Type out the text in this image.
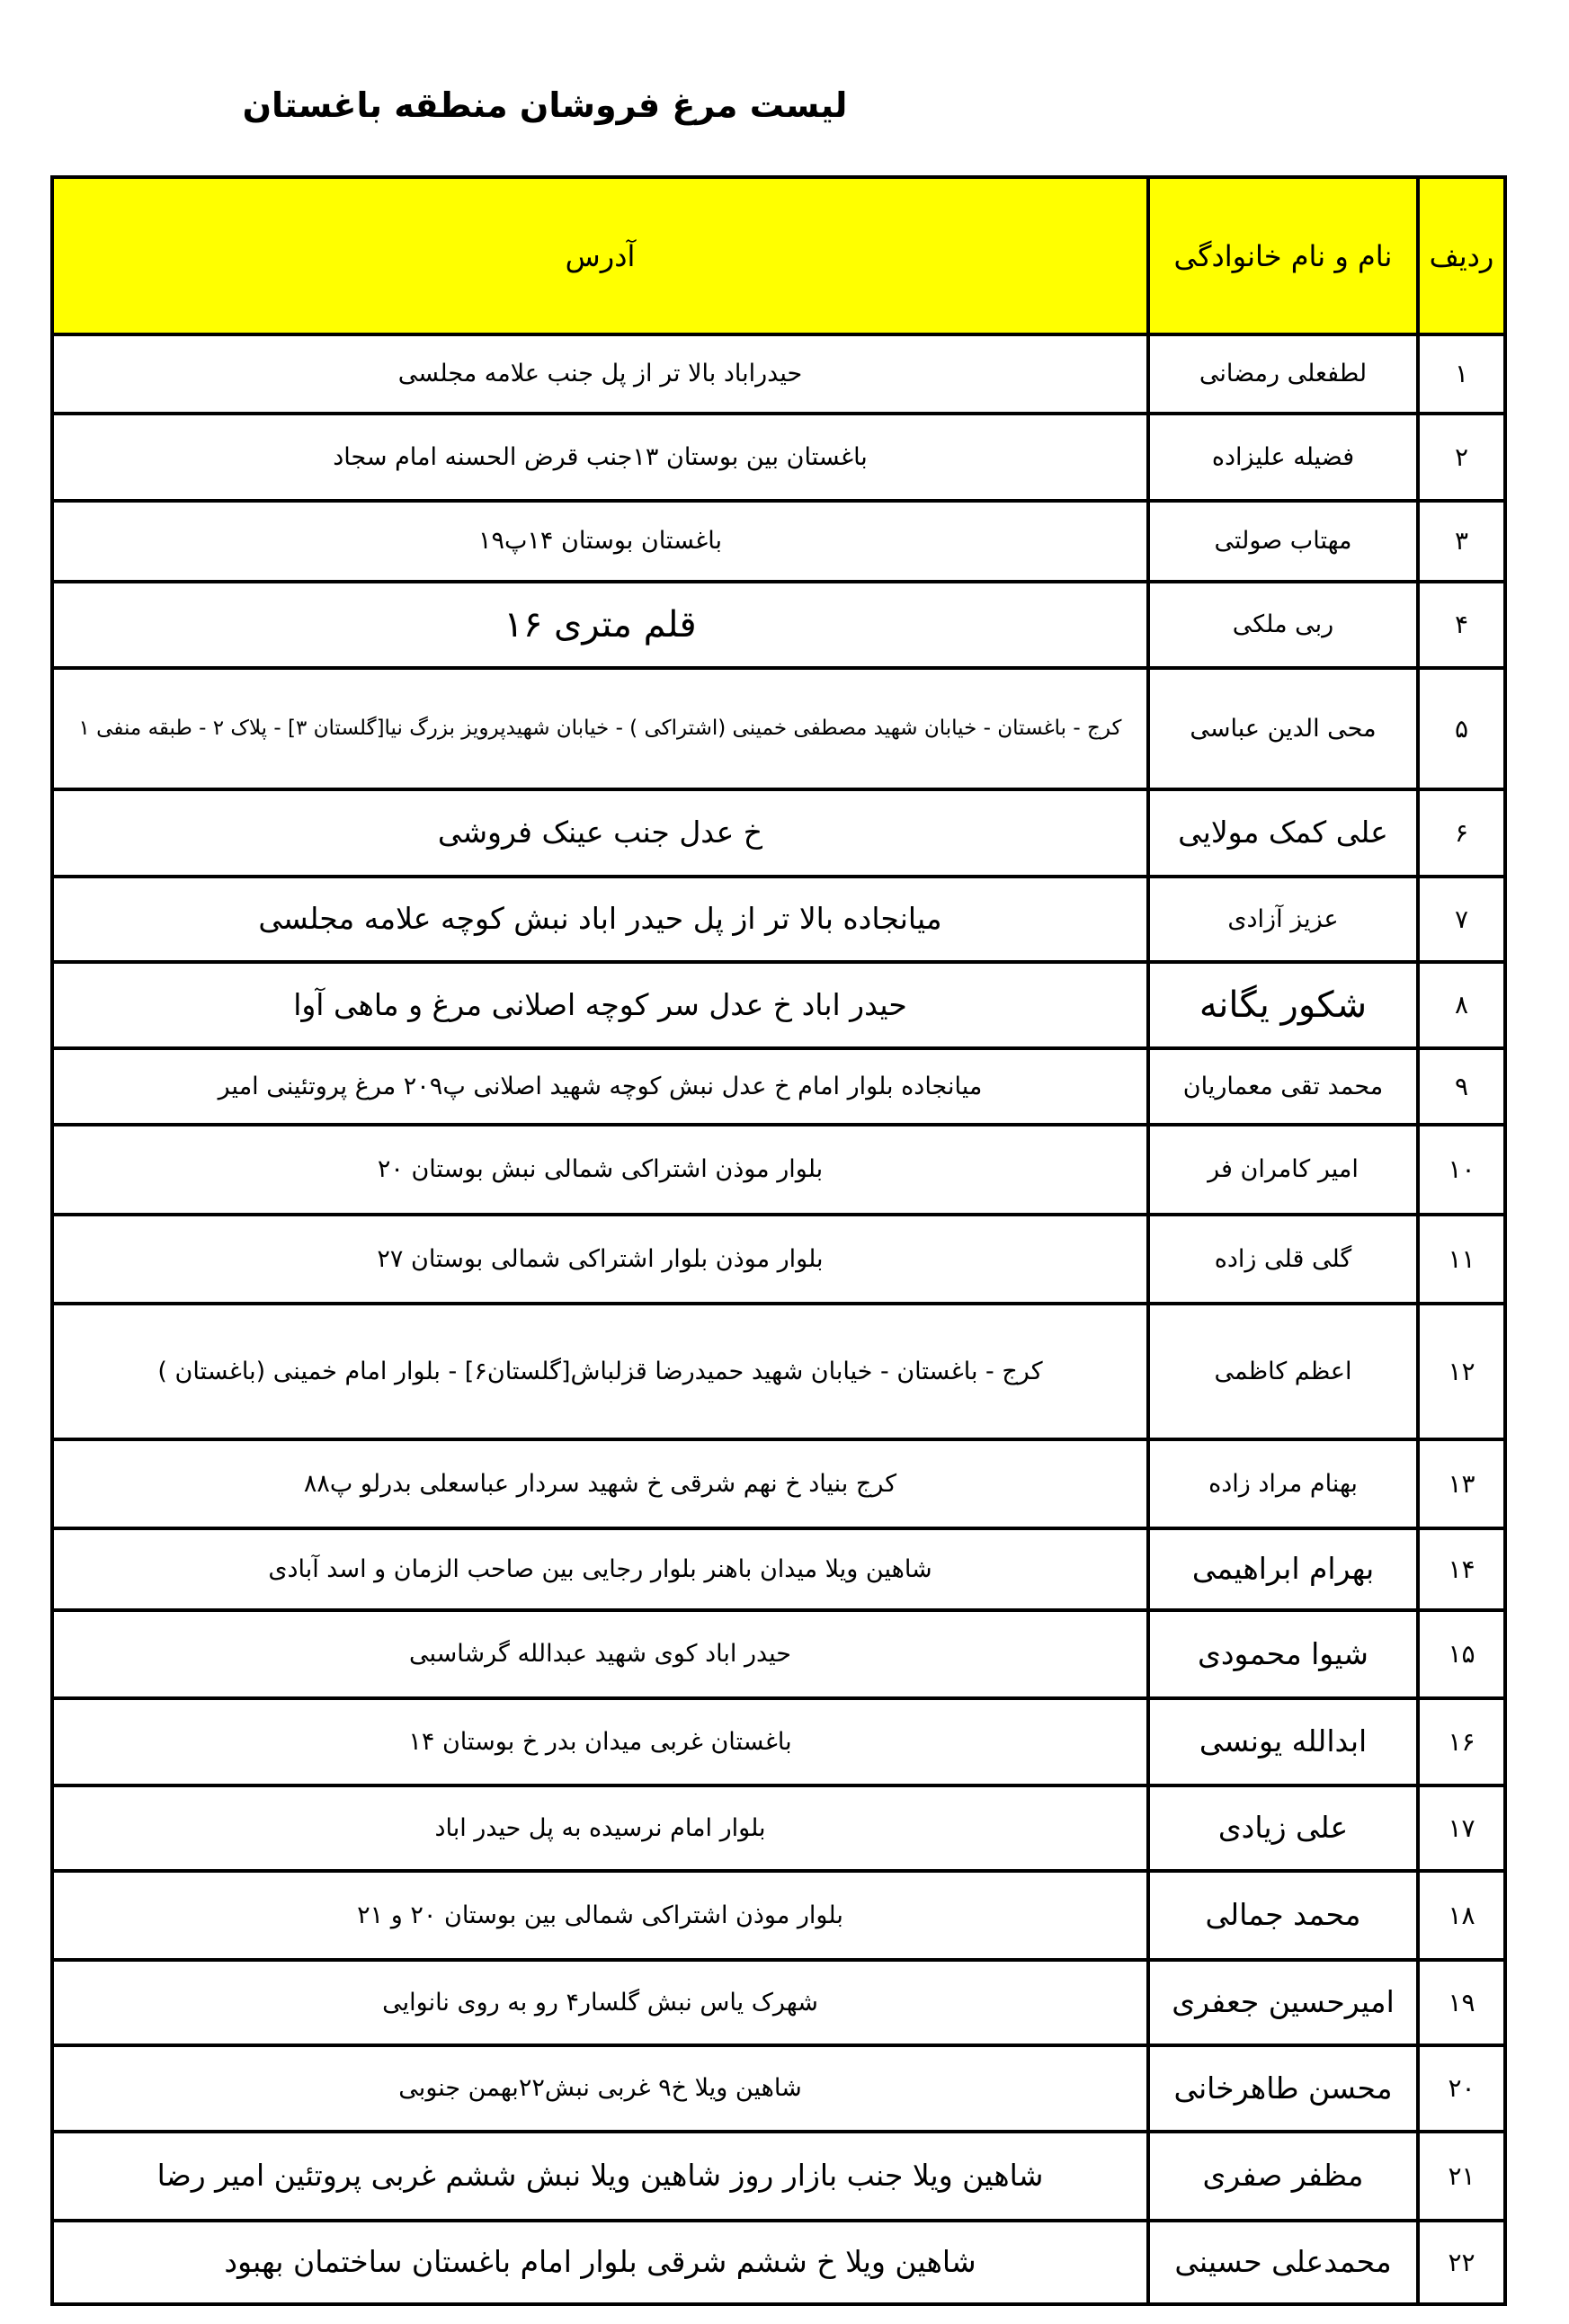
لیست مرغ فروشان منطقه باغستان
ردیف	نام و نام خانوادگی	آدرس
۱	لطفعلی رمضانی	حیدراباد بالا تر از پل جنب علامه مجلسی
۲	فضیله علیزاده	باغستان بین بوستان ۱۳جنب قرض الحسنه امام سجاد
۳	مهتاب صولتی	باغستان بوستان ۱۴پ۱۹
۴	ربی ملکی	قلم متری ۱۶
۵	محی الدین عباسی	کرج - باغستان - خیابان شهید مصطفی خمینی (اشتراکی ) - خیابان شهیدپرویز بزرگ نیا[گلستان ۳] - پلاک ۲ - طبقه منفی ۱
۶	علی کمک مولایی	خ عدل جنب عینک فروشی
۷	عزیز آزادی	میانجاده بالا تر از پل حیدر اباد نبش کوچه علامه مجلسی
۸	شکور یگانه	حیدر اباد خ عدل سر کوچه اصلانی مرغ و ماهی آوا
۹	محمد تقی معماریان	میانجاده بلوار امام خ عدل نبش کوچه شهید اصلانی پ۲۰۹ مرغ پروتئینی امیر
۱۰	امیر کامران فر	بلوار موذن اشتراکی شمالی نبش بوستان ۲۰
۱۱	گلی قلی زاده	بلوار موذن بلوار اشتراکی شمالی بوستان ۲۷
۱۲	اعظم کاظمی	کرج - باغستان - خیابان شهید حمیدرضا قزلباش[گلستان۶] - بلوار امام خمینی (باغستان )
۱۳	بهنام مراد زاده	کرج بنیاد خ نهم شرقی خ شهید سردار عباسعلی بدرلو پ۸۸
۱۴	بهرام ابراهیمی	شاهین ویلا میدان باهنر بلوار رجایی بین صاحب الزمان و اسد آبادی
۱۵	شیوا محمودی	حیدر اباد کوی شهید عبدالله گرشاسبی
۱۶	ابدالله یونسی	باغستان غربی میدان بدر خ بوستان ۱۴
۱۷	علی زیادی	بلوار امام نرسیده به پل حیدر اباد
۱۸	محمد جمالی	بلوار موذن اشتراکی شمالی بین بوستان ۲۰ و ۲۱
۱۹	امیرحسین جعفری	شهرک یاس نبش گلسار۴ رو به روی نانوایی
۲۰	محسن طاهرخانی	شاهین ویلا خ۹ غربی نبش۲۲بهمن جنوبی
۲۱	مظفر صفری	شاهین ویلا جنب بازار روز شاهین ویلا نبش ششم غربی پروتئین امیر رضا
۲۲	محمدعلی حسینی	شاهین ویلا خ ششم شرقی بلوار امام باغستان ساختمان بهبود
